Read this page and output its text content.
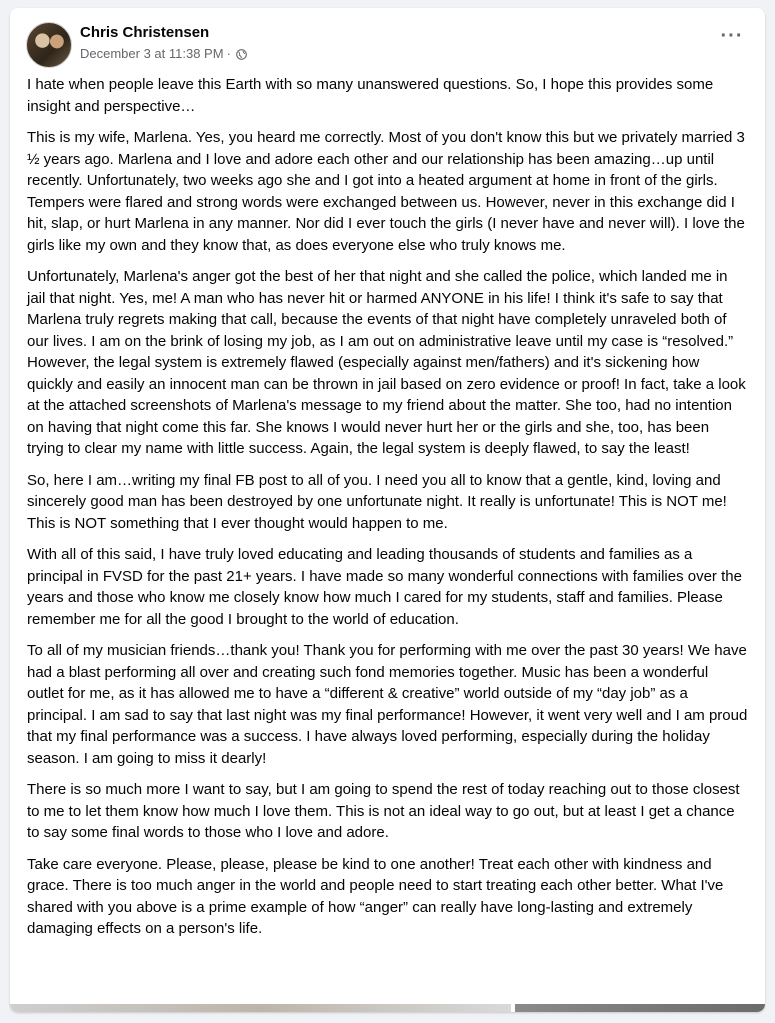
Chris Christensen
December 3 at 11:38 PM ·
···

I hate when people leave this Earth with so many unanswered questions. So, I hope this provides some insight and perspective…

This is my wife, Marlena. Yes, you heard me correctly. Most of you don't know this but we privately married 3 ½ years ago. Marlena and I love and adore each other and our relationship has been amazing…up until recently. Unfortunately, two weeks ago she and I got into a heated argument at home in front of the girls. Tempers were flared and strong words were exchanged between us. However, never in this exchange did I hit, slap, or hurt Marlena in any manner. Nor did I ever touch the girls (I never have and never will). I love the girls like my own and they know that, as does everyone else who truly knows me.

Unfortunately, Marlena's anger got the best of her that night and she called the police, which landed me in jail that night. Yes, me! A man who has never hit or harmed ANYONE in his life! I think it's safe to say that Marlena truly regrets making that call, because the events of that night have completely unraveled both of our lives. I am on the brink of losing my job, as I am out on administrative leave until my case is “resolved.” However, the legal system is extremely flawed (especially against men/fathers) and it's sickening how quickly and easily an innocent man can be thrown in jail based on zero evidence or proof! In fact, take a look at the attached screenshots of Marlena's message to my friend about the matter. She too, had no intention on having that night come this far. She knows I would never hurt her or the girls and she, too, has been trying to clear my name with little success. Again, the legal system is deeply flawed, to say the least!

So, here I am…writing my final FB post to all of you. I need you all to know that a gentle, kind, loving and sincerely good man has been destroyed by one unfortunate night. It really is unfortunate! This is NOT me! This is NOT something that I ever thought would happen to me.

With all of this said, I have truly loved educating and leading thousands of students and families as a principal in FVSD for the past 21+ years. I have made so many wonderful connections with families over the years and those who know me closely know how much I cared for my students, staff and families. Please remember me for all the good I brought to the world of education.

To all of my musician friends…thank you! Thank you for performing with me over the past 30 years! We have had a blast performing all over and creating such fond memories together. Music has been a wonderful outlet for me, as it has allowed me to have a “different & creative” world outside of my “day job” as a principal. I am sad to say that last night was my final performance! However, it went very well and I am proud that my final performance was a success. I have always loved performing, especially during the holiday season. I am going to miss it dearly!

There is so much more I want to say, but I am going to spend the rest of today reaching out to those closest to me to let them know how much I love them. This is not an ideal way to go out, but at least I get a chance to say some final words to those who I love and adore.

Take care everyone. Please, please, please be kind to one another! Treat each other with kindness and grace. There is too much anger in the world and people need to start treating each other better. What I've shared with you above is a prime example of how “anger” can really have long-lasting and extremely damaging effects on a person's life.
